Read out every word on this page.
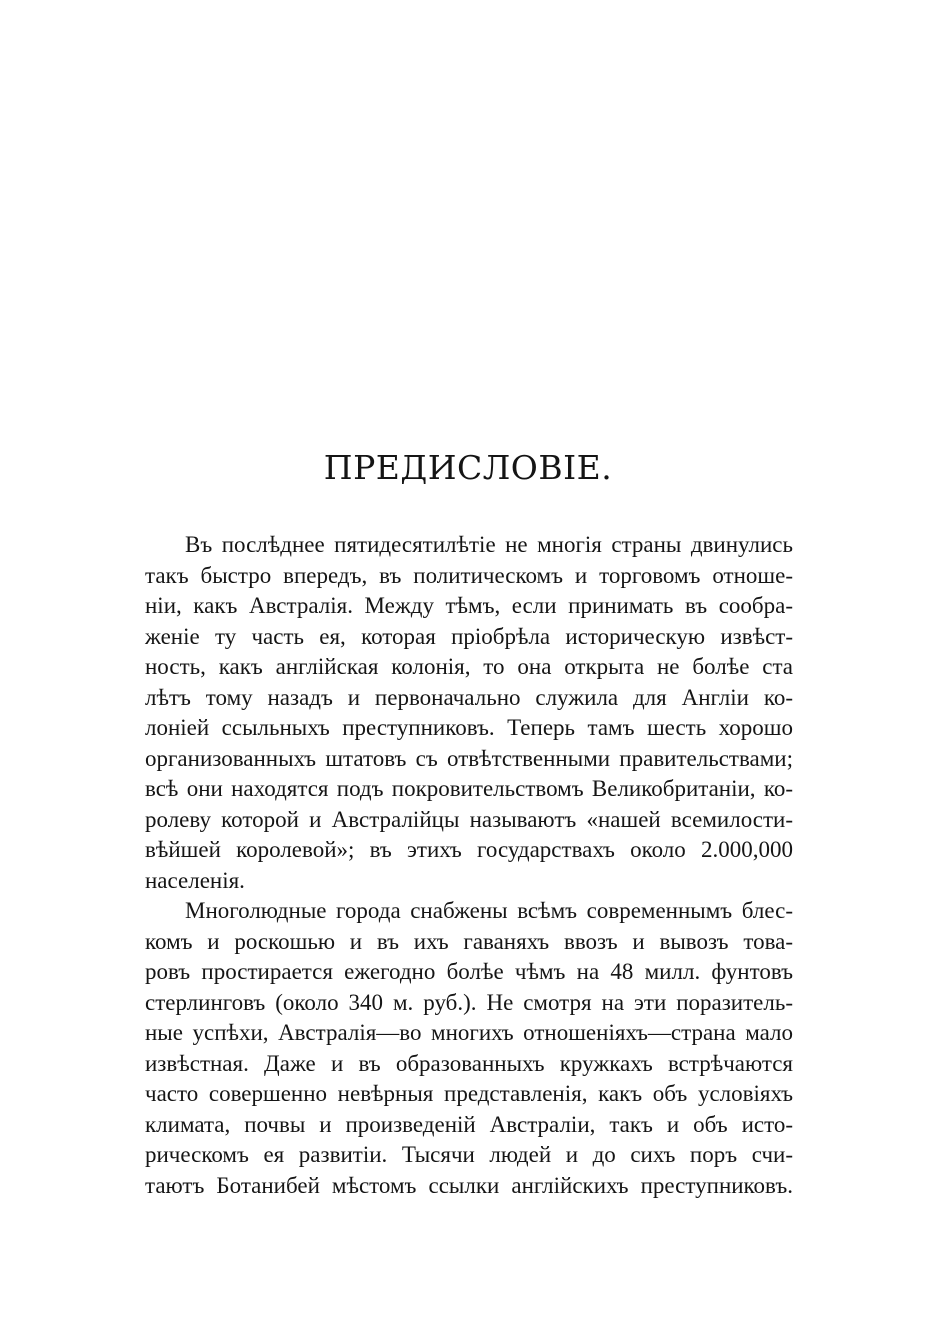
ПРЕДИСЛОВІЕ.
Въ послѣднее пятидесятилѣтіе не многія страны двинулись
такъ быстро впередъ, въ политическомъ и торговомъ отноше-
ніи, какъ Австралія. Между тѣмъ, если принимать въ сообра-
женіе ту часть ея, которая пріобрѣла историческую извѣст-
ность, какъ англійская колонія, то она открыта не болѣе ста
лѣтъ тому назадъ и первоначально служила для Англіи ко-
лоніей ссыльныхъ преступниковъ. Теперь тамъ шесть хорошо
организованныхъ штатовъ съ отвѣтственными правительствами;
всѣ они находятся подъ покровительствомъ Великобританіи, ко-
ролеву которой и Австралійцы называютъ «нашей всемилости-
вѣйшей королевой»; въ этихъ государствахъ около 2.000,000
населенія.
Многолюдные города снабжены всѣмъ современнымъ блес-
комъ и роскошью и въ ихъ гаваняхъ ввозъ и вывозъ това-
ровъ простирается ежегодно болѣе чѣмъ на 48 милл. фунтовъ
стерлинговъ (около 340 м. руб.). Не смотря на эти поразитель-
ные успѣхи, Австралія—во многихъ отношеніяхъ—страна мало
извѣстная. Даже и въ образованныхъ кружкахъ встрѣчаются
часто совершенно невѣрныя представленія, какъ объ условіяхъ
климата, почвы и произведеній Австраліи, такъ и объ исто-
рическомъ ея развитіи. Тысячи людей и до сихъ поръ счи-
таютъ Ботанибей мѣстомъ ссылки англійскихъ преступниковъ.
